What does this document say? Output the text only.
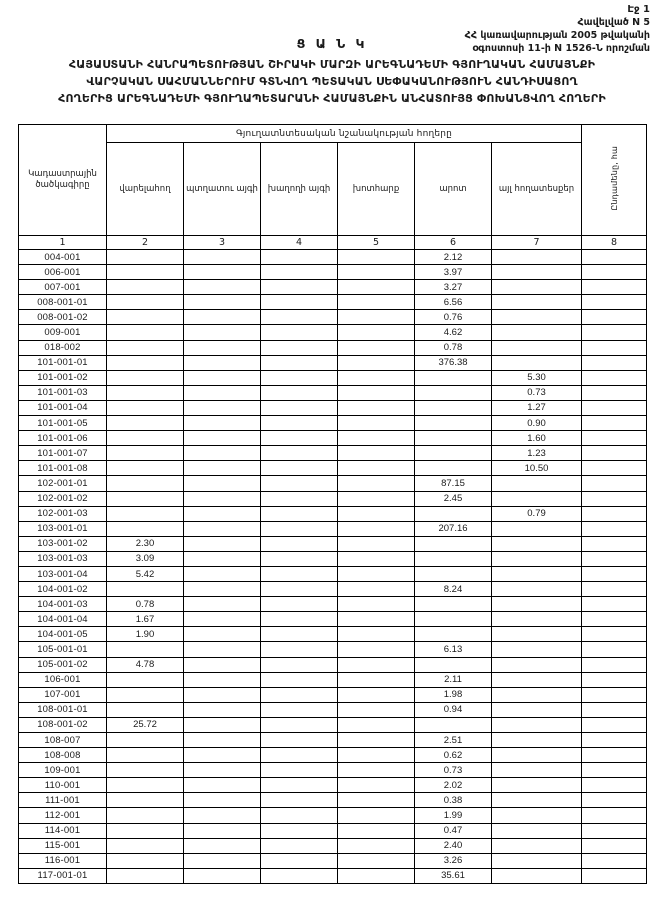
Էջ 1
Հավելված N 5
ՀՀ կառավարության 2005 թվականի
օգոստոսի 11-ի N 1526-Ն որոշման
Ց Ա Ն Կ
ՀԱՅԱՍՏԱՆԻ ՀԱՆՐԱՊԵՏՈՒԹՅԱՆ ՇԻՐԱԿԻ ՄԱՐԶԻ ԱՐԵԳՆԱԴԵՄԻ ԳՅՈՒՂԱԿԱՆ ՀԱՄԱՅՆՔԻ
ՎԱՐՉԱԿԱՆ ՍԱՀՄԱՆՆԵՐՈՒՄ ԳՏՆՎՈՂ ՊԵՏԱԿԱՆ ՍԵՓԱԿԱՆՈՒԹՅՈՒՆ ՀԱՆԴԻՍԱՑՈՂ
ՀՈՂԵՐԻՑ ԱՐԵԳՆԱԴԵՄԻ ԳՅՈՒՂԱՊԵՏԱՐԱՆԻ ՀԱՄԱՅՆՔԻՆ ԱՆՀԱՏՈՒՅՑ ՓՈԽԱՆՑՎՈՂ ՀՈՂԵՐԻ
Կադաստրային ծածկագիրը	Գյուղատնտեսական նշանակության հողերը						Ընդամենը, հա
	վարելահող	պտղատու այգի	խաղողի այգի	խոտհարք	արոտ	այլ հողատեսքեր	
1	2	3	4	5	6	7	8
004-001					2.12		
006-001					3.97		
007-001					3.27		
008-001-01					6.56		
008-001-02					0.76		
009-001					4.62		
018-002					0.78		
101-001-01					376.38		
101-001-02						5.30	
101-001-03						0.73	
101-001-04						1.27	
101-001-05						0.90	
101-001-06						1.60	
101-001-07						1.23	
101-001-08						10.50	
102-001-01					87.15		
102-001-02					2.45		
102-001-03						0.79	
103-001-01					207.16		
103-001-02	2.30						
103-001-03	3.09						
103-001-04	5.42						
104-001-02					8.24		
104-001-03	0.78						
104-001-04	1.67						
104-001-05	1.90						
105-001-01					6.13		
105-001-02	4.78						
106-001					2.11		
107-001					1.98		
108-001-01					0.94		
108-001-02	25.72						
108-007					2.51		
108-008					0.62		
109-001					0.73		
110-001					2.02		
111-001					0.38		
112-001					1.99		
114-001					0.47		
115-001					2.40		
116-001					3.26		
117-001-01					35.61		
